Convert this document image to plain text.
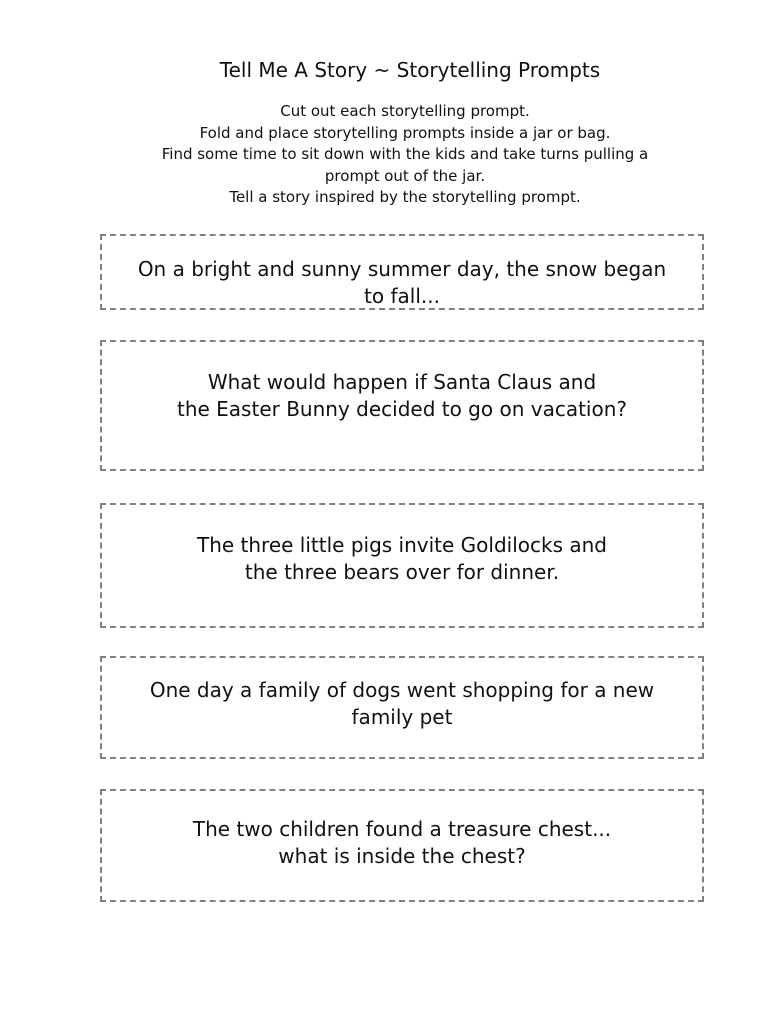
Tell Me A Story ~ Storytelling Prompts
Cut out each storytelling prompt.
Fold and place storytelling prompts inside a jar or bag.
Find some time to sit down with the kids and take turns pulling a
prompt out of the jar.
Tell a story inspired by the storytelling prompt.
On a bright and sunny summer day, the snow began
to fall...
What would happen if Santa Claus and
the Easter Bunny decided to go on vacation?
The three little pigs invite Goldilocks and
the three bears over for dinner.
One day a family of dogs went shopping for a new
family pet
The two children found a treasure chest...
what is inside the chest?
